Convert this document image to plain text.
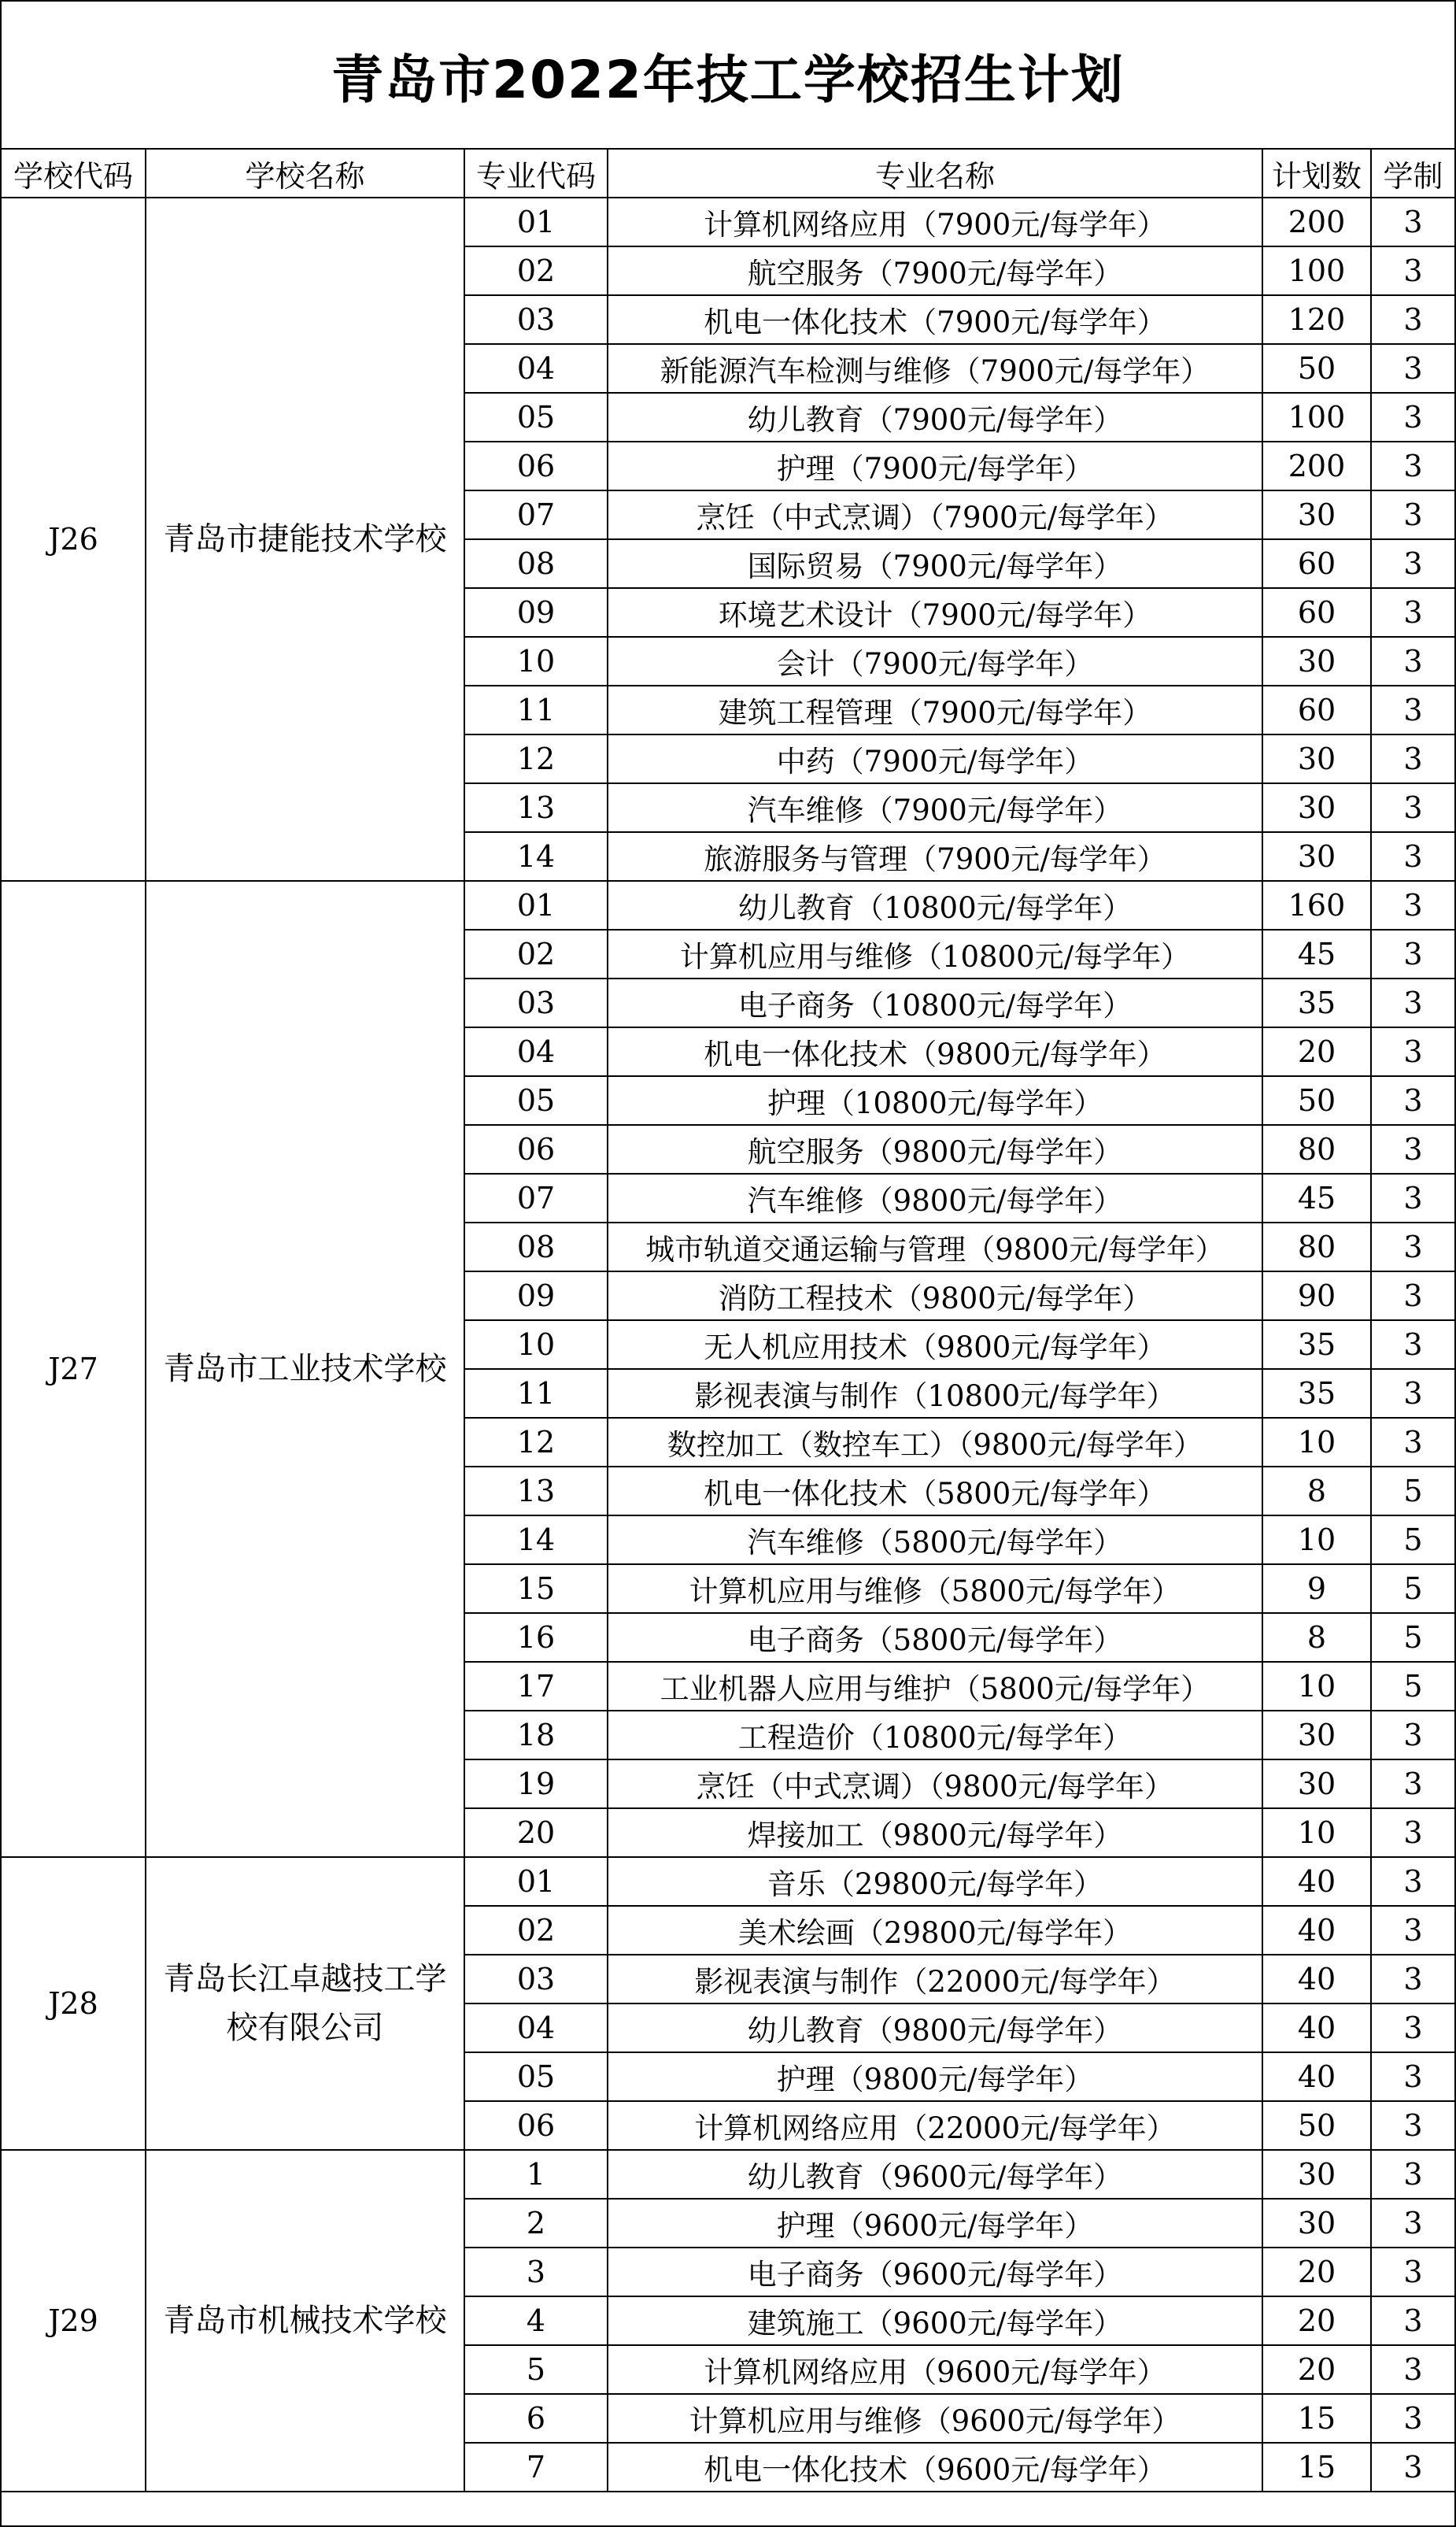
青岛市2022年技工学校招生计划
学校代码	学校名称	专业代码	专业名称	计划数	学制
J26	青岛市捷能技术学校	01	计算机网络应用（7900元/每学年）	200	3
		02	航空服务（7900元/每学年）	100	3
		03	机电一体化技术（7900元/每学年）	120	3
		04	新能源汽车检测与维修（7900元/每学年）	50	3
		05	幼儿教育（7900元/每学年）	100	3
		06	护理（7900元/每学年）	200	3
		07	烹饪（中式烹调）（7900元/每学年）	30	3
		08	国际贸易（7900元/每学年）	60	3
		09	环境艺术设计（7900元/每学年）	60	3
		10	会计（7900元/每学年）	30	3
		11	建筑工程管理（7900元/每学年）	60	3
		12	中药（7900元/每学年）	30	3
		13	汽车维修（7900元/每学年）	30	3
		14	旅游服务与管理（7900元/每学年）	30	3
J27	青岛市工业技术学校	01	幼儿教育（10800元/每学年）	160	3
		02	计算机应用与维修（10800元/每学年）	45	3
		03	电子商务（10800元/每学年）	35	3
		04	机电一体化技术（9800元/每学年）	20	3
		05	护理（10800元/每学年）	50	3
		06	航空服务（9800元/每学年）	80	3
		07	汽车维修（9800元/每学年）	45	3
		08	城市轨道交通运输与管理（9800元/每学年）	80	3
		09	消防工程技术（9800元/每学年）	90	3
		10	无人机应用技术（9800元/每学年）	35	3
		11	影视表演与制作（10800元/每学年）	35	3
		12	数控加工（数控车工）（9800元/每学年）	10	3
		13	机电一体化技术（5800元/每学年）	8	5
		14	汽车维修（5800元/每学年）	10	5
		15	计算机应用与维修（5800元/每学年）	9	5
		16	电子商务（5800元/每学年）	8	5
		17	工业机器人应用与维护（5800元/每学年）	10	5
		18	工程造价（10800元/每学年）	30	3
		19	烹饪（中式烹调）（9800元/每学年）	30	3
		20	焊接加工（9800元/每学年）	10	3
J28	青岛长江卓越技工学校有限公司	01	音乐（29800元/每学年）	40	3
		02	美术绘画（29800元/每学年）	40	3
		03	影视表演与制作（22000元/每学年）	40	3
		04	幼儿教育（9800元/每学年）	40	3
		05	护理（9800元/每学年）	40	3
		06	计算机网络应用（22000元/每学年）	50	3
J29	青岛市机械技术学校	1	幼儿教育（9600元/每学年）	30	3
		2	护理（9600元/每学年）	30	3
		3	电子商务（9600元/每学年）	20	3
		4	建筑施工（9600元/每学年）	20	3
		5	计算机网络应用（9600元/每学年）	20	3
		6	计算机应用与维修（9600元/每学年）	15	3
		7	机电一体化技术（9600元/每学年）	15	3
